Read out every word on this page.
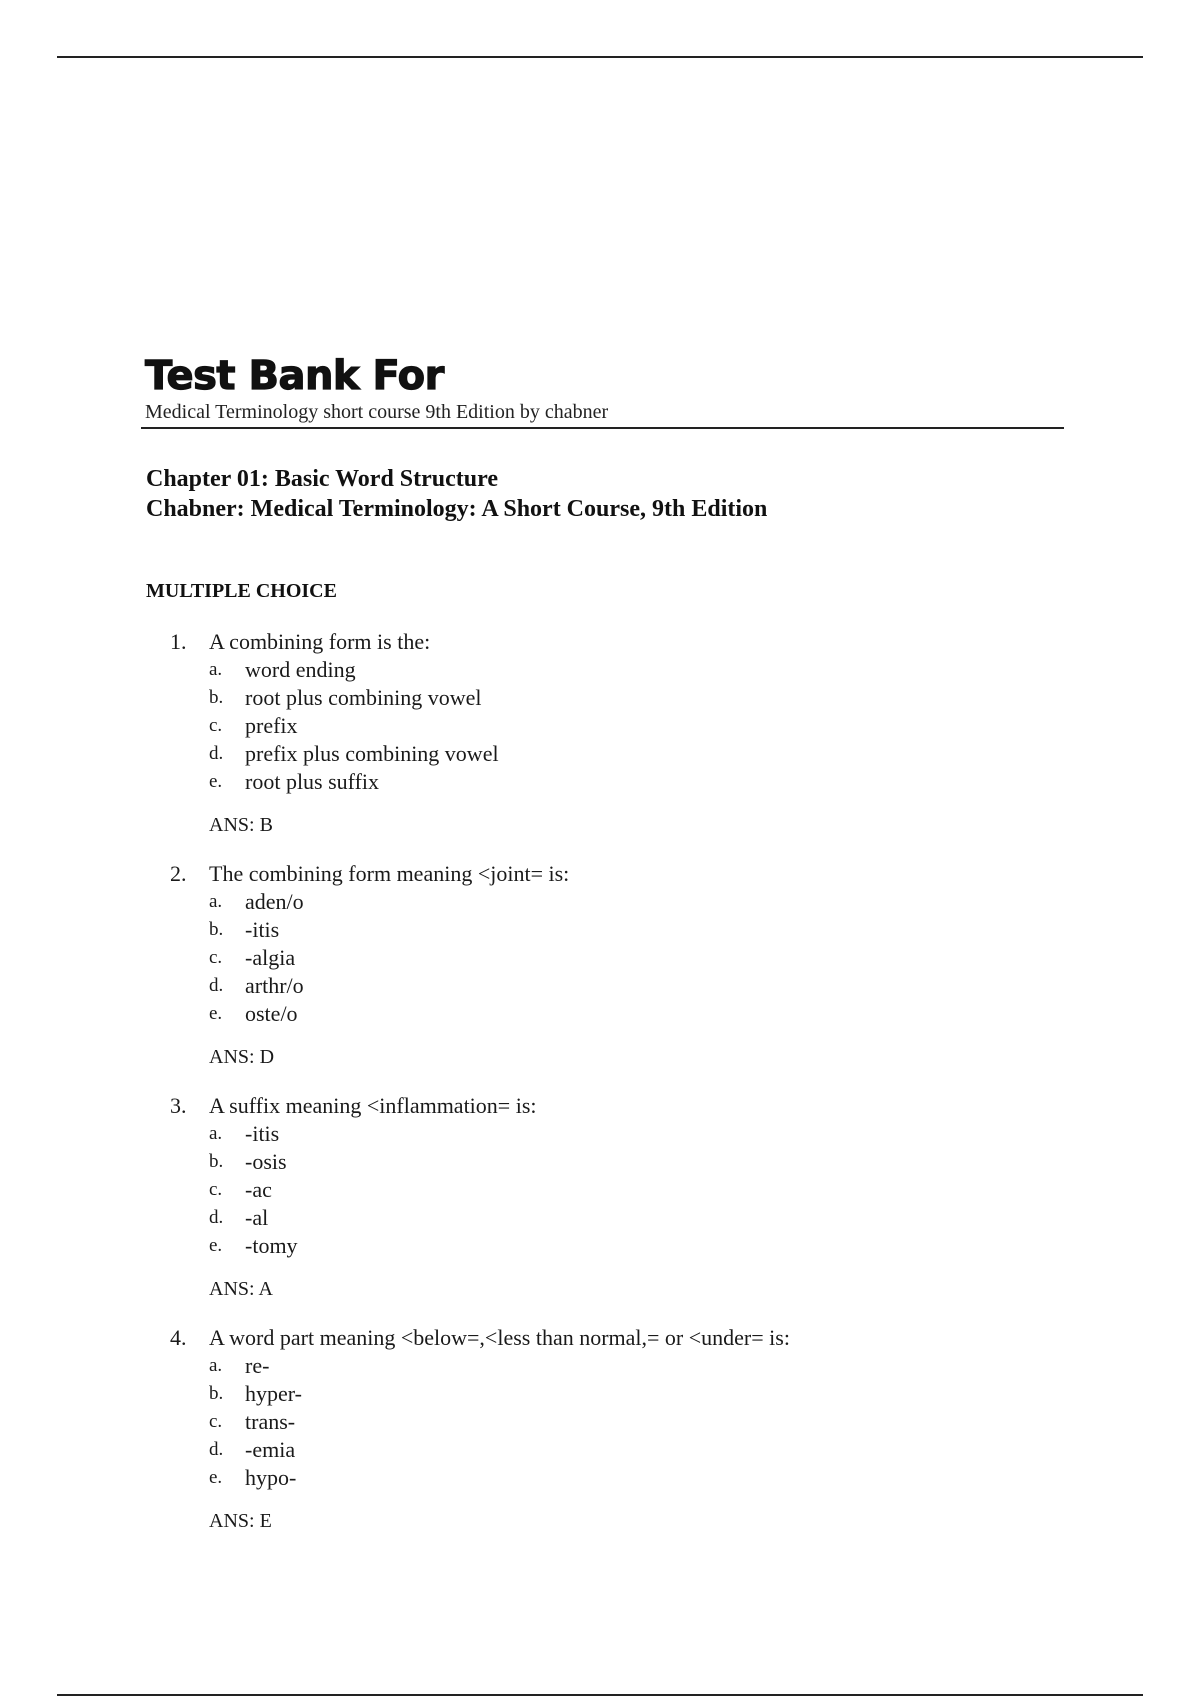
Test Bank For
Medical Terminology short course 9th Edition by chabner
Chapter 01: Basic Word Structure
Chabner: Medical Terminology: A Short Course, 9th Edition
MULTIPLE CHOICE
1.	A combining form is the:
a.	word ending
b. root plus combining vowel
c.	prefix
d. prefix plus combining vowel
e.	root plus suffix
ANS: B
2.	The combining form meaning <joint= is:
a.	aden/o
b. -itis
c.	-algia
d. arthr/o
e.	oste/o
ANS: D
3.	A suffix meaning <inflammation= is:
a.	-itis
b. -osis
c.	-ac
d. -al
e.	-tomy
ANS: A
4.	A word part meaning <below=,<less than normal,= or <under= is:
a.	re-
b. hyper-
c.	trans-
d. -emia
e.	hypo-
ANS: E
